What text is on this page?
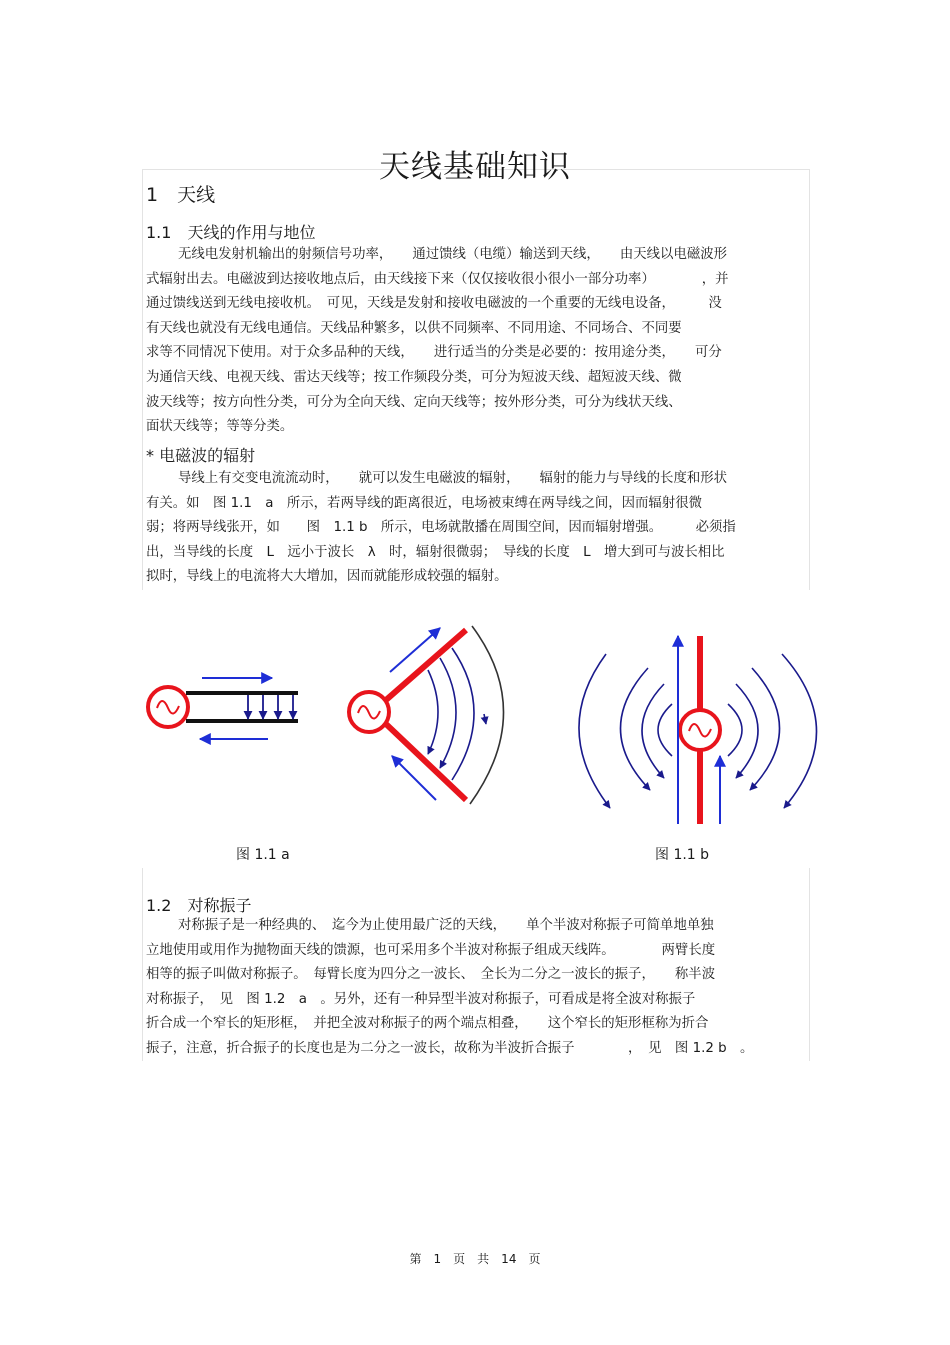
天线基础知识
1　天线
1.1　天线的作用与地位
无线电发射机输出的射频信号功率，　　通过馈线（电缆）输送到天线，　　由天线以电磁波形
式辐射出去。电磁波到达接收地点后，由天线接下来（仅仅接收很小很小一部分功率）　　　　，并
通过馈线送到无线电接收机。　可见，天线是发射和接收电磁波的一个重要的无线电设备，　　　没
有天线也就没有无线电通信。天线品种繁多，以供不同频率、不同用途、不同场合、不同要
求等不同情况下使用。对于众多品种的天线，　　进行适当的分类是必要的：按用途分类，　　可分
为通信天线、电视天线、雷达天线等；按工作频段分类，可分为短波天线、超短波天线、微
波天线等；按方向性分类，可分为全向天线、定向天线等；按外形分类，可分为线状天线、
面状天线等；等等分类。
* 电磁波的辐射
导线上有交变电流流动时，　　就可以发生电磁波的辐射，　　辐射的能力与导线的长度和形状
有关。如　图 1.1　a　所示，若两导线的距离很近，电场被束缚在两导线之间，因而辐射很微
弱；将两导线张开，如　　图　1.1 b　所示，电场就散播在周围空间，因而辐射增强。　　　必须指
出，当导线的长度　L　远小于波长　λ　时，辐射很微弱；　导线的长度　L　增大到可与波长相比
拟时，导线上的电流将大大增加，因而就能形成较强的辐射。
图 1.1 a	图 1.1 b
1.2　对称振子
对称振子是一种经典的、　迄今为止使用最广泛的天线，　　单个半波对称振子可简单地单独
立地使用或用作为抛物面天线的馈源，也可采用多个半波对称振子组成天线阵。　　　　两臂长度
相等的振子叫做对称振子。　每臂长度为四分之一波长、　全长为二分之一波长的振子，　　称半波
对称振子，　见　图 1.2　a　。另外，还有一种异型半波对称振子，可看成是将全波对称振子
折合成一个窄长的矩形框，　并把全波对称振子的两个端点相叠，　　这个窄长的矩形框称为折合
振子，注意，折合振子的长度也是为二分之一波长，故称为半波折合振子　　　　，　见　图 1.2 b　。
第　1　页　共　14　页
